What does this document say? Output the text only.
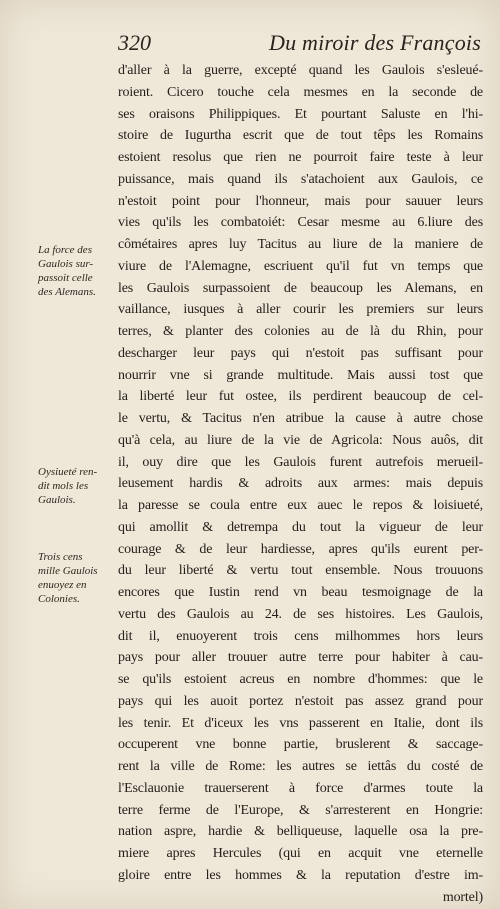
320	Du miroir des François
d'aller à la guerre, excepté quand les Gaulois s'esleué-
roient. Cicero touche cela mesmes en la seconde de
ses oraisons Philippiques. Et pourtant Saluste en l'hi-
stoire de Iugurtha escrit que de tout têps les Romains
estoient resolus que rien ne pourroit faire teste à leur
puissance, mais quand ils s'atachoient aux Gaulois, ce
n'estoit point pour l'honneur, mais pour sauuer leurs
vies qu'ils les combatoiét: Cesar mesme au 6.liure des
cômétaires apres luy Tacitus au liure de la maniere de
viure de l'Alemagne, escriuent qu'il fut vn temps que
les Gaulois surpassoient de beaucoup les Alemans, en
vaillance, iusques à aller courir les premiers sur leurs
terres, & planter des colonies au de là du Rhin, pour
descharger leur pays qui n'estoit pas suffisant pour
nourrir vne si grande multitude. Mais aussi tost que
la liberté leur fut ostee, ils perdirent beaucoup de cel-
le vertu, & Tacitus n'en atribue la cause à autre chose
qu'à cela, au liure de la vie de Agricola: Nous auôs, dit
il, ouy dire que les Gaulois furent autrefois merueil-
leusement hardis & adroits aux armes: mais depuis
la paresse se coula entre eux auec le repos & loisiueté,
qui amollit & detrempa du tout la vigueur de leur
courage & de leur hardiesse, apres qu'ils eurent per-
du leur liberté & vertu tout ensemble. Nous trouuons
encores que Iustin rend vn beau tesmoignage de la
vertu des Gaulois au 24. de ses histoires. Les Gaulois,
dit il, enuoyerent trois cens milhommes hors leurs
pays pour aller trouuer autre terre pour habiter à cau-
se qu'ils estoient acreus en nombre d'hommes: que le
pays qui les auoit portez n'estoit pas assez grand pour
les tenir. Et d'iceux les vns passerent en Italie, dont ils
occuperent vne bonne partie, bruslerent & saccage-
rent la ville de Rome: les autres se iettâs du costé de
l'Esclauonie trauerserent à force d'armes toute la
terre ferme de l'Europe, & s'arresterent en Hongrie:
nation aspre, hardie & belliqueuse, laquelle osa la pre-
miere apres Hercules (qui en acquit vne eternelle
gloire entre les hommes & la reputation d'estre im-
mortel)
La force des
Gaulois sur-
passoit celle
des Alemans.
Oysiueté ren-
dit mols les
Gaulois.
Trois cens
mille Gaulois
enuoyez en
Colonies.
